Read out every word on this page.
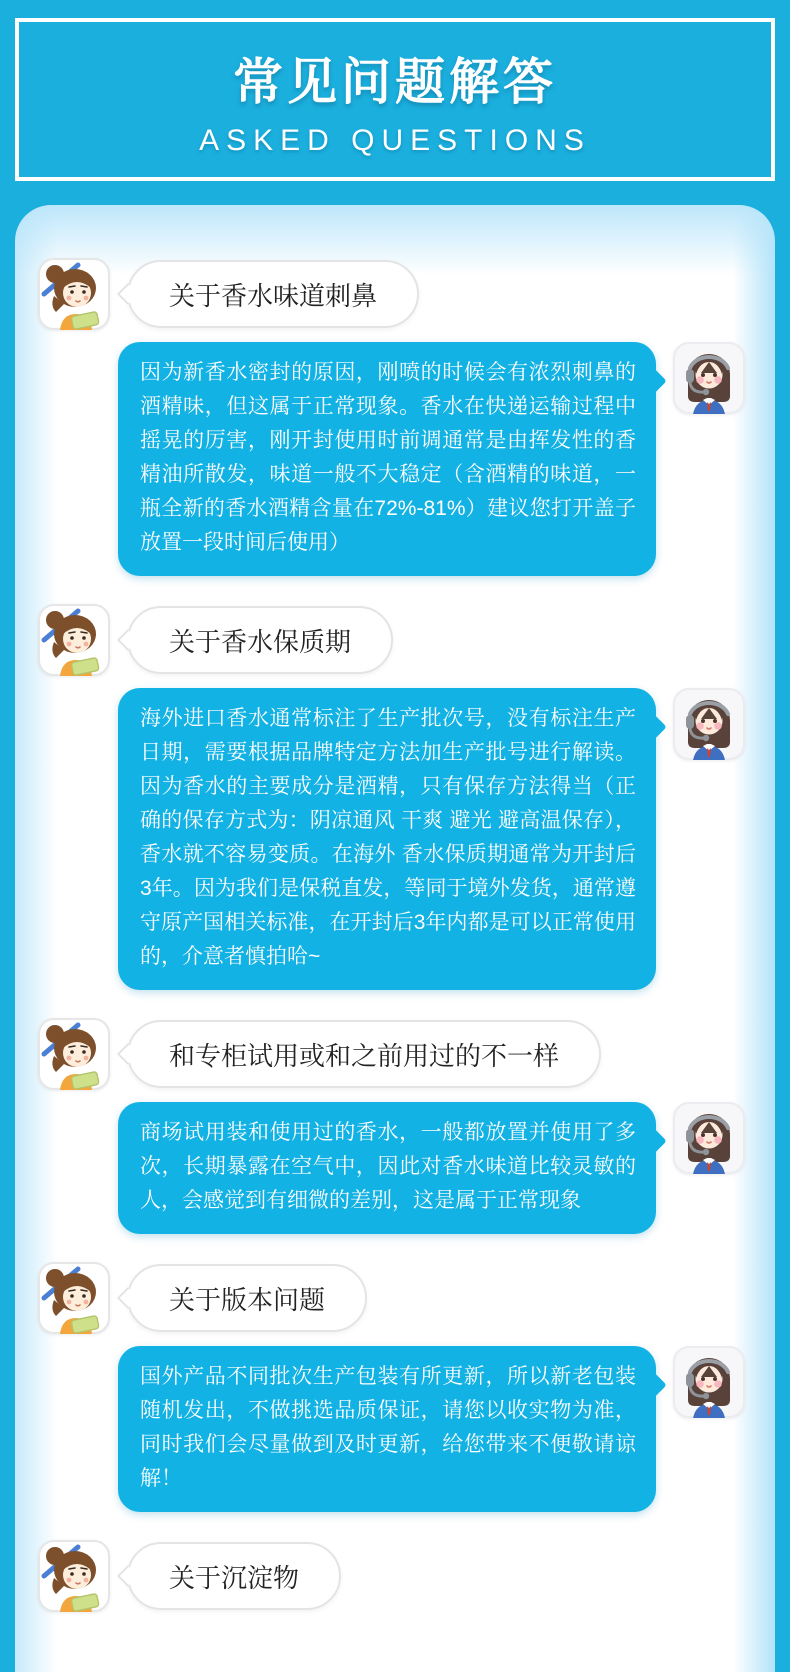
常见问题解答
ASKED QUESTIONS
关于香水味道刺鼻
因为新香水密封的原因，刚喷的时候会有浓烈刺鼻的酒精味，但这属于正常现象。香水在快递运输过程中摇晃的厉害，刚开封使用时前调通常是由挥发性的香精油所散发，味道一般不大稳定（含酒精的味道，一瓶全新的香水酒精含量在72%-81%）建议您打开盖子放置一段时间后使用）
关于香水保质期
海外进口香水通常标注了生产批次号，没有标注生产日期，需要根据品牌特定方法加生产批号进行解读。因为香水的主要成分是酒精，只有保存方法得当（正确的保存方式为：阴凉通风 干爽 避光 避高温保存），香水就不容易变质。在海外 香水保质期通常为开封后3年。因为我们是保税直发，等同于境外发货，通常遵守原产国相关标准，在开封后3年内都是可以正常使用的，介意者慎拍哈~
和专柜试用或和之前用过的不一样
商场试用装和使用过的香水，一般都放置并使用了多次，长期暴露在空气中，因此对香水味道比较灵敏的人，会感觉到有细微的差别，这是属于正常现象
关于版本问题
国外产品不同批次生产包装有所更新，所以新老包装随机发出，不做挑选品质保证，请您以收实物为准，同时我们会尽量做到及时更新，给您带来不便敬请谅解！
关于沉淀物
